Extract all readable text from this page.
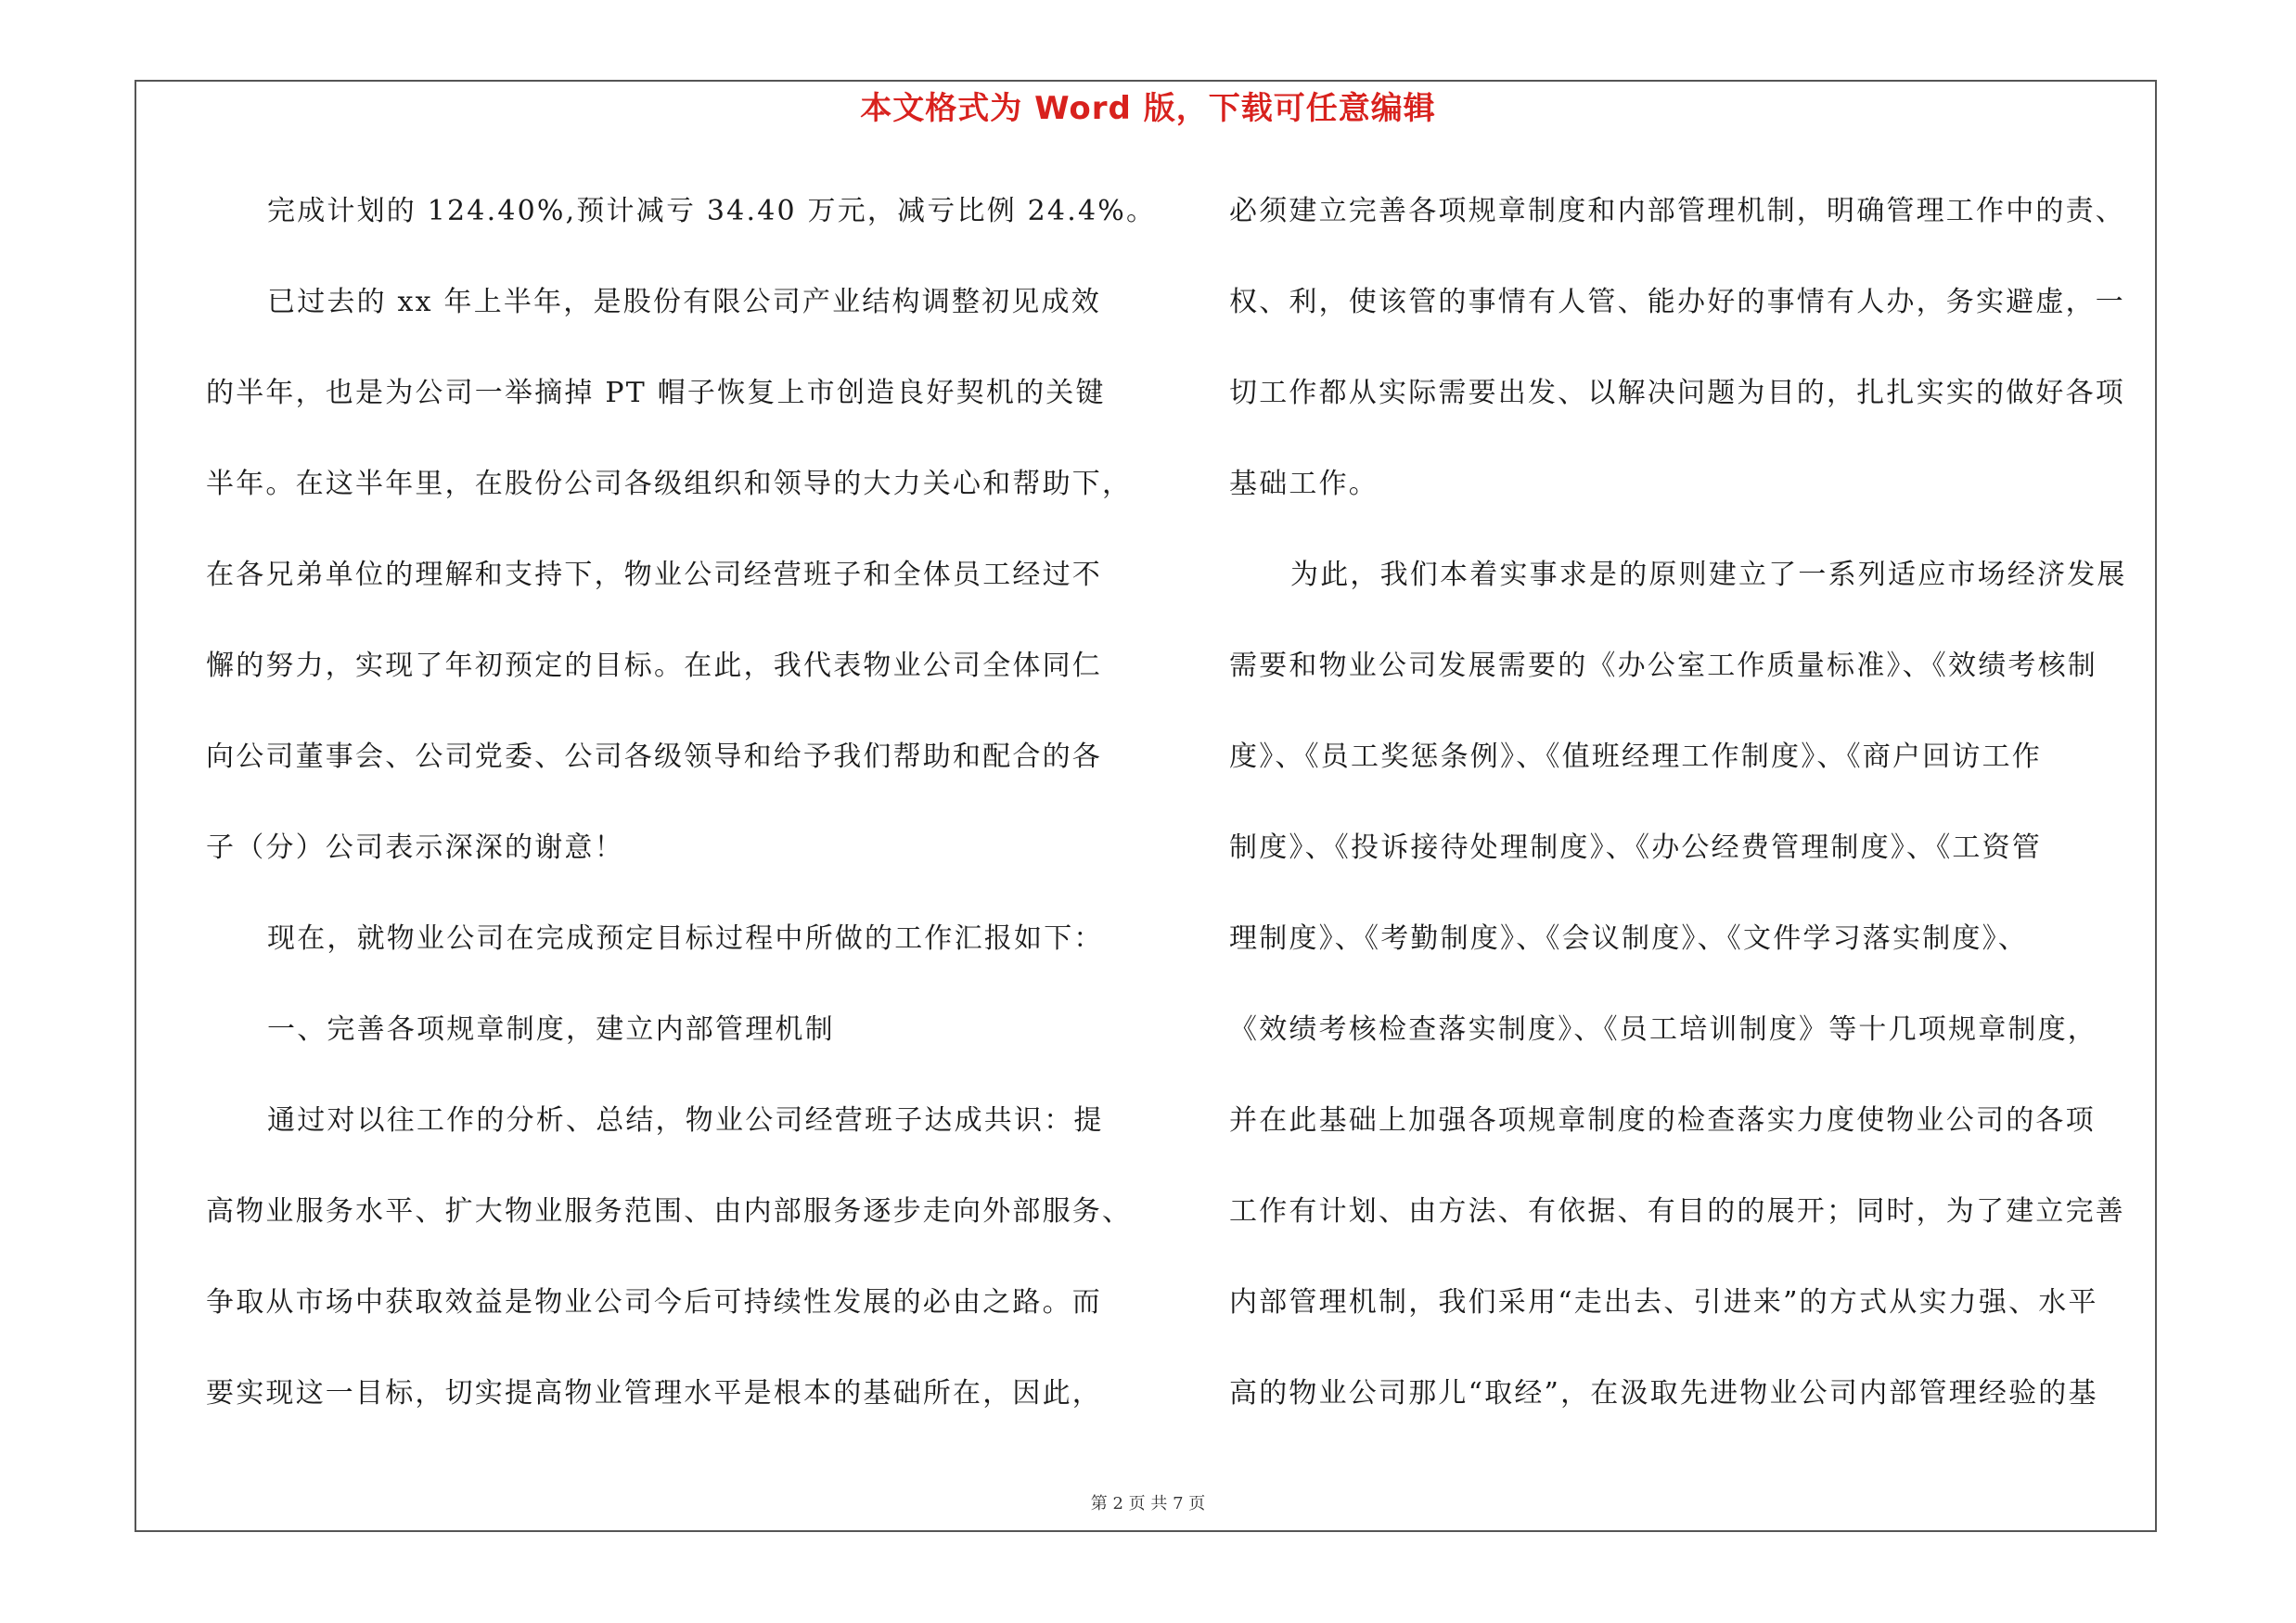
本文格式为 Word 版，下载可任意编辑
完成计划的 124.40%,预计减亏 34.40 万元，减亏比例 24.4%。
已过去的 xx 年上半年，是股份有限公司产业结构调整初见成效
的半年，也是为公司一举摘掉 PT 帽子恢复上市创造良好契机的关键
半年。在这半年里，在股份公司各级组织和领导的大力关心和帮助下，
在各兄弟单位的理解和支持下，物业公司经营班子和全体员工经过不
懈的努力，实现了年初预定的目标。在此，我代表物业公司全体同仁
向公司董事会、公司党委、公司各级领导和给予我们帮助和配合的各
子（分）公司表示深深的谢意！
现在，就物业公司在完成预定目标过程中所做的工作汇报如下：
一、完善各项规章制度，建立内部管理机制
通过对以往工作的分析、总结，物业公司经营班子达成共识：提
高物业服务水平、扩大物业服务范围、由内部服务逐步走向外部服务、
争取从市场中获取效益是物业公司今后可持续性发展的必由之路。而
要实现这一目标，切实提高物业管理水平是根本的基础所在，因此，
必须建立完善各项规章制度和内部管理机制，明确管理工作中的责、
权、利，使该管的事情有人管、能办好的事情有人办，务实避虚，一
切工作都从实际需要出发、以解决问题为目的，扎扎实实的做好各项
基础工作。
为此，我们本着实事求是的原则建立了一系列适应市场经济发展
需要和物业公司发展需要的《办公室工作质量标准》、《效绩考核制
度》、《员工奖惩条例》、《值班经理工作制度》、《商户回访工作
制度》、《投诉接待处理制度》、《办公经费管理制度》、《工资管
理制度》、《考勤制度》、《会议制度》、《文件学习落实制度》、
《效绩考核检查落实制度》、《员工培训制度》等十几项规章制度，
并在此基础上加强各项规章制度的检查落实力度使物业公司的各项
工作有计划、由方法、有依据、有目的的展开；同时，为了建立完善
内部管理机制，我们采用“走出去、引进来”的方式从实力强、水平
高的物业公司那儿“取经”，在汲取先进物业公司内部管理经验的基
第 2 页 共 7 页
